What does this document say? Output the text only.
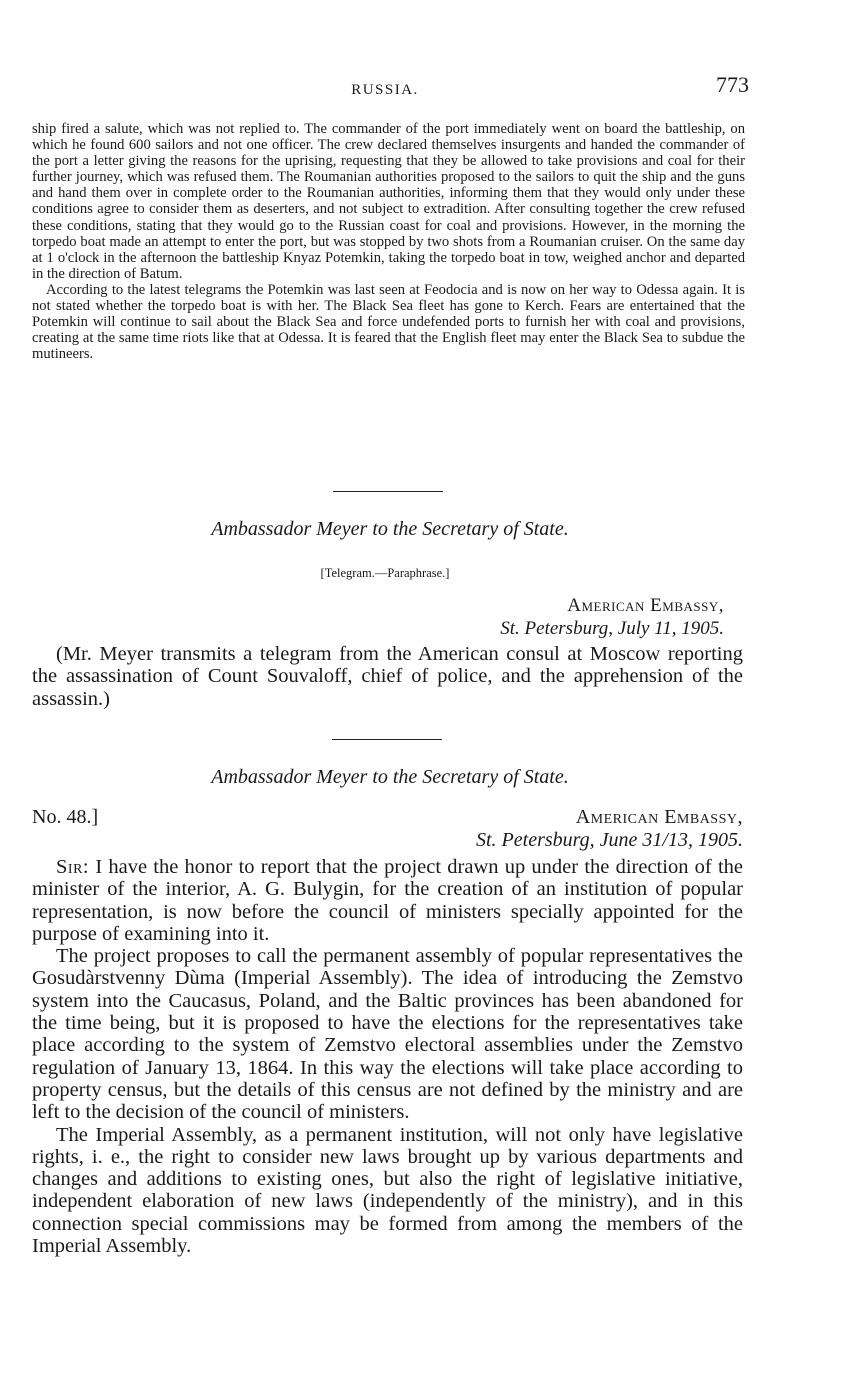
RUSSIA.	773

ship fired a salute, which was not replied to. The commander of the port immediately went on board the battleship, on which he found 600 sailors and not one officer. The crew declared themselves insurgents and handed the commander of the port a letter giving the reasons for the uprising, requesting that they be allowed to take provisions and coal for their further journey, which was refused them. The Roumanian authorities proposed to the sailors to quit the ship and the guns and hand them over in complete order to the Roumanian authorities, informing them that they would only under these conditions agree to consider them as deserters, and not subject to extradition. After consulting together the crew refused these conditions, stating that they would go to the Russian coast for coal and provisions. However, in the morning the torpedo boat made an attempt to enter the port, but was stopped by two shots from a Roumanian cruiser. On the same day at 1 o'clock in the afternoon the battleship Knyaz Potemkin, taking the torpedo boat in tow, weighed anchor and departed in the direction of Batum.

According to the latest telegrams the Potemkin was last seen at Feodocia and is now on her way to Odessa again. It is not stated whether the torpedo boat is with her. The Black Sea fleet has gone to Kerch. Fears are entertained that the Potemkin will continue to sail about the Black Sea and force undefended ports to furnish her with coal and provisions, creating at the same time riots like that at Odessa. It is feared that the English fleet may enter the Black Sea to subdue the mutineers.

Ambassador Meyer to the Secretary of State.
[Telegram.—Paraphrase.]
American Embassy,
St. Petersburg, July 11, 1905.

(Mr. Meyer transmits a telegram from the American consul at Moscow reporting the assassination of Count Souvaloff, chief of police, and the apprehension of the assassin.)

Ambassador Meyer to the Secretary of State.
No. 48.]	American Embassy,
St. Petersburg, June 31/13, 1905.

Sir: I have the honor to report that the project drawn up under the direction of the minister of the interior, A. G. Bulygin, for the creation of an institution of popular representation, is now before the council of ministers specially appointed for the purpose of examining into it.

The project proposes to call the permanent assembly of popular representatives the Gosudàrstvenny Dùma (Imperial Assembly). The idea of introducing the Zemstvo system into the Caucasus, Poland, and the Baltic provinces has been abandoned for the time being, but it is proposed to have the elections for the representatives take place according to the system of Zemstvo electoral assemblies under the Zemstvo regulation of January 13, 1864. In this way the elections will take place according to property census, but the details of this census are not defined by the ministry and are left to the decision of the council of ministers.

The Imperial Assembly, as a permanent institution, will not only have legislative rights, i. e., the right to consider new laws brought up by various departments and changes and additions to existing ones, but also the right of legislative initiative, independent elaboration of new laws (independently of the ministry), and in this connection special commissions may be formed from among the members of the Imperial Assembly.
